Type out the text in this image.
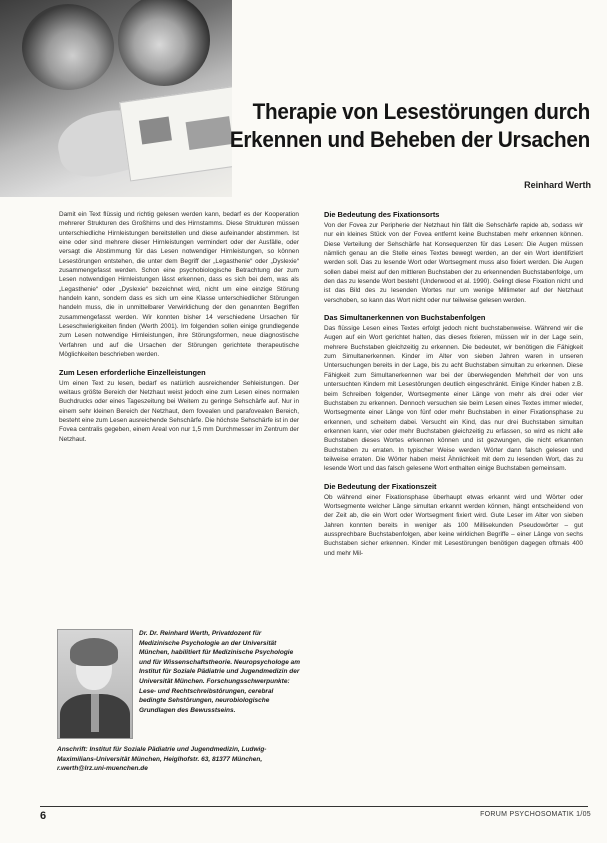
Therapie von Lesestörungen durch
Erkennen und Beheben der Ursachen
Reinhard Werth

Damit ein Text flüssig und richtig gelesen werden kann, bedarf es der Kooperation mehrerer Strukturen des Großhirns und des Hirnstamms. Diese Strukturen müssen unterschiedliche Hirnleistungen bereitstellen und diese aufeinander abstimmen. Ist eine oder sind mehrere dieser Hirnleistungen vermindert oder der Ausfälle, oder versagt die Abstimmung für das Lesen notwendiger Hirnleistungen, so können Lesestörungen entstehen, die unter dem Begriff der „Legasthenie“ oder „Dyslexie“ zusammengefasst werden. Schon eine psychobiologische Betrachtung der zum Lesen notwendigen Hirnleistungen lässt erkennen, dass es sich bei dem, was als „Legasthenie“ oder „Dyslexie“ bezeichnet wird, nicht um eine einzige Störung handeln kann, sondern dass es sich um eine Klasse unterschiedlicher Störungen handeln muss, die in unmittelbarer Verwirklichung der den genannten Begriffen zusammengefasst werden. Wir konnten bisher 14 verschiedene Ursachen für Leseschwierigkeiten finden (Werth 2001). Im folgenden sollen einige grundlegende zum Lesen notwendige Hirnleistungen, ihre Störungsformen, neue diagnostische Verfahren und auf die Ursachen der Störungen gerichtete therapeutische Möglichkeiten beschrieben werden.

Zum Lesen erforderliche Einzelleistungen

Um einen Text zu lesen, bedarf es natürlich ausreichender Sehleistungen. Der weitaus größte Bereich der Netzhaut weist jedoch eine zum Lesen eines normalen Buchdrucks oder eines Tageszeitung bei Weitem zu geringe Sehschärfe auf. Nur in einem sehr kleinen Bereich der Netzhaut, dem fovealen und parafovealen Bereich, besteht eine zum Lesen ausreichende Sehschärfe. Die höchste Sehschärfe ist in der Fovea centralis gegeben, einem Areal von nur 1,5 mm Durchmesser im Zentrum der Netzhaut.

Dr. Dr. Reinhard Werth, Privatdozent für Medizinische Psychologie an der Universität München, habilitiert für Medizinische Psychologie und für Wissenschaftstheorie. Neuropsychologe am Institut für Soziale Pädiatrie und Jugendmedizin der Universität München. Forschungsschwerpunkte: Lese- und Rechtschreibstörungen, cerebral bedingte Sehstörungen, neurobiologische Grundlagen des Bewusstseins.
Anschrift: Institut für Soziale Pädiatrie und Jugendmedizin, Ludwig-Maximilians-Universität München, Heiglhofstr. 63, 81377 München, r.werth@lrz.uni-muenchen.de
Die Bedeutung des Fixationsorts

Von der Fovea zur Peripherie der Netzhaut hin fällt die Sehschärfe rapide ab, sodass wir nur ein kleines Stück von der Fovea entfernt keine Buchstaben mehr erkennen können. Diese Verteilung der Sehschärfe hat Konsequenzen für das Lesen: Die Augen müssen nämlich genau an die Stelle eines Textes bewegt werden, an der ein Wort identifiziert werden soll. Das zu lesende Wort oder Wortsegment muss also fixiert werden. Die Augen sollen dabei meist auf den mittleren Buchstaben der zu erkennenden Buchstabenfolge, um den das zu lesende Wort besteht (Underwood et al. 1990). Gelingt diese Fixation nicht und ist das Bild des zu lesenden Wortes nur um wenige Millimeter auf der Netzhaut verschoben, so kann das Wort nicht oder nur teilweise gelesen werden.

Das Simultanerkennen von Buchstabenfolgen

Das flüssige Lesen eines Textes erfolgt jedoch nicht buchstabenweise. Während wir die Augen auf ein Wort gerichtet halten, das dieses fixieren, müssen wir in der Lage sein, mehrere Buchstaben gleichzeitig zu erkennen. Die bedeutet, wir benötigen die Fähigkeit zum Simultanerkennen. Kinder im Alter von sieben Jahren waren in unseren Untersuchungen bereits in der Lage, bis zu acht Buchstaben simultan zu erkennen. Diese Fähigkeit zum Simultanerkennen war bei der überwiegenden Mehrheit der von uns untersuchten Kindern mit Lesestörungen deutlich eingeschränkt. Einige Kinder haben z.B. beim Schreiben folgender, Wortsegmente einer Länge von mehr als drei oder vier Buchstaben zu erkennen. Dennoch versuchen sie beim Lesen eines Textes immer wieder, Wortsegmente einer Länge von fünf oder mehr Buchstaben in einer Fixationsphase zu erkennen, und scheitern dabei. Versucht ein Kind, das nur drei Buchstaben simultan erkennen kann, vier oder mehr Buchstaben gleichzeitig zu erfassen, so wird es nicht alle Buchstaben dieses Wortes erkennen können und ist gezwungen, die nicht erkannten Buchstaben zu erraten. In typischer Weise werden Wörter dann falsch gelesen und teilweise erraten. Die Wörter haben meist Ähnlichkeit mit dem zu lesenden Wort, das zu lesende Wort und das falsch gelesene Wort enthalten einige Buchstaben gemeinsam.

Die Bedeutung der Fixationszeit

Ob während einer Fixationsphase überhaupt etwas erkannt wird und Wörter oder Wortsegmente welcher Länge simultan erkannt werden können, hängt entscheidend von der Zeit ab, die ein Wort oder Wortsegment fixiert wird. Gute Leser im Alter von sieben Jahren konnten bereits in weniger als 100 Millisekunden Pseudowörter – gut aussprechbare Buchstabenfolgen, aber keine wirklichen Begriffe – einer Länge von sechs Buchstaben sicher erkennen. Kinder mit Lesestörungen benötigen dagegen oftmals 400 und mehr Mil-

6	FORUM PSYCHOSOMATIK 1/05
